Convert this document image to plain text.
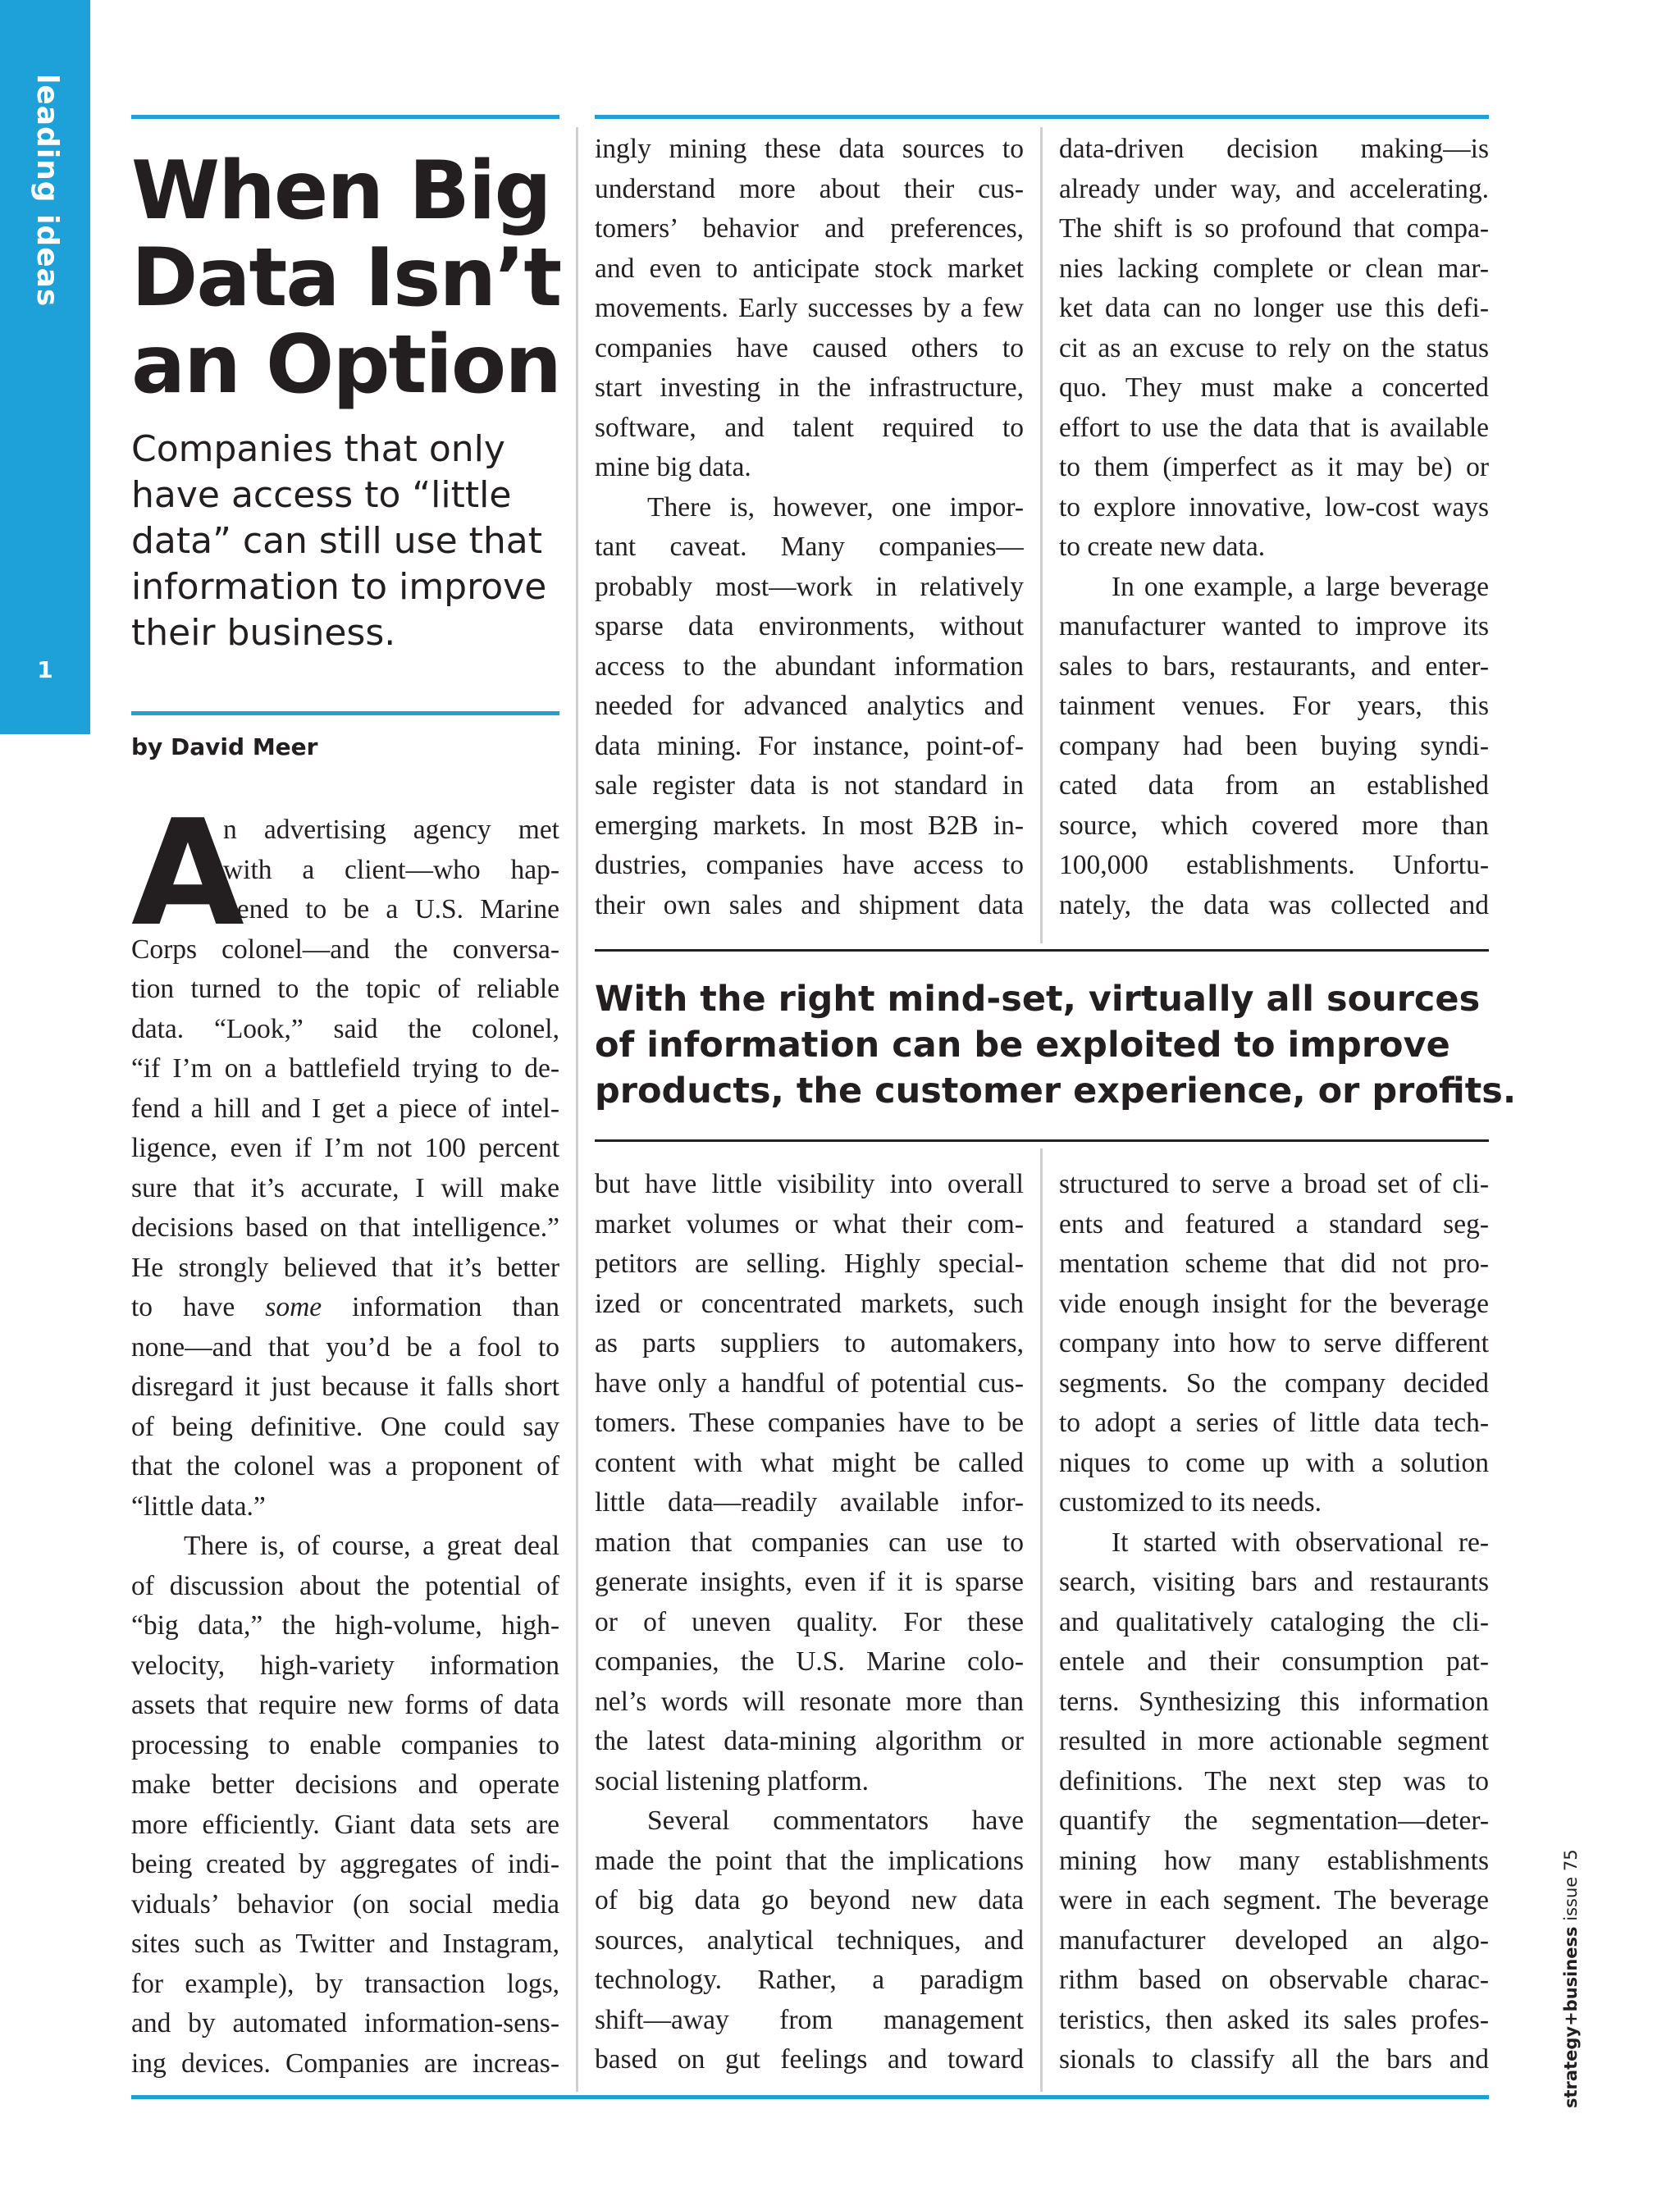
leading ideas
1
When Big
Data Isn’t
an Option

Companies that only
have access to “little
data” can still use that
information to improve
their business.

by David Meer

A

n advertising agency met
with a client—who hap-
pened to be a U.S. Marine
Corps colonel—and the conversa-
tion turned to the topic of reliable
data. “Look,” said the colonel,
“if I’m on a battlefield trying to de-
fend a hill and I get a piece of intel-
ligence, even if I’m not 100 percent
sure that it’s accurate, I will make
decisions based on that intelligence.”
He strongly believed that it’s better
to have some information than
none—and that you’d be a fool to
disregard it just because it falls short
of being definitive. One could say
that the colonel was a proponent of
“little data.”

There is, of course, a great deal
of discussion about the potential of
“big data,” the high-volume, high-
velocity, high-variety information
assets that require new forms of data
processing to enable companies to
make better decisions and operate
more efficiently. Giant data sets are
being created by aggregates of indi-
viduals’ behavior (on social media
sites such as Twitter and Instagram,
for example), by transaction logs,
and by automated information-sens-
ing devices. Companies are increas-

ingly mining these data sources to
understand more about their cus-
tomers’ behavior and preferences,
and even to anticipate stock market
movements. Early successes by a few
companies have caused others to
start investing in the infrastructure,
software, and talent required to
mine big data.

There is, however, one impor-
tant caveat. Many companies—
probably most—work in relatively
sparse data environments, without
access to the abundant information
needed for advanced analytics and
data mining. For instance, point-of-
sale register data is not standard in
emerging markets. In most B2B in-
dustries, companies have access to
their own sales and shipment data

data-driven decision making—is
already under way, and accelerating.
The shift is so profound that compa-
nies lacking complete or clean mar-
ket data can no longer use this defi-
cit as an excuse to rely on the status
quo. They must make a concerted
effort to use the data that is available
to them (imperfect as it may be) or
to explore innovative, low-cost ways
to create new data.

In one example, a large beverage
manufacturer wanted to improve its
sales to bars, restaurants, and enter-
tainment venues. For years, this
company had been buying syndi-
cated data from an established
source, which covered more than
100,000 establishments. Unfortu-
nately, the data was collected and

With the right mind-set, virtually all sources
of information can be exploited to improve
products, the customer experience, or profits.

but have little visibility into overall
market volumes or what their com-
petitors are selling. Highly special-
ized or concentrated markets, such
as parts suppliers to automakers,
have only a handful of potential cus-
tomers. These companies have to be
content with what might be called
little data—readily available infor-
mation that companies can use to
generate insights, even if it is sparse
or of uneven quality. For these
companies, the U.S. Marine colo-
nel’s words will resonate more than
the latest data-mining algorithm or
social listening platform.

Several commentators have
made the point that the implications
of big data go beyond new data
sources, analytical techniques, and
technology. Rather, a paradigm
shift—away from management
based on gut feelings and toward

structured to serve a broad set of cli-
ents and featured a standard seg-
mentation scheme that did not pro-
vide enough insight for the beverage
company into how to serve different
segments. So the company decided
to adopt a series of little data tech-
niques to come up with a solution
customized to its needs.

It started with observational re-
search, visiting bars and restaurants
and qualitatively cataloging the cli-
entele and their consumption pat-
terns. Synthesizing this information
resulted in more actionable segment
definitions. The next step was to
quantify the segmentation—deter-
mining how many establishments
were in each segment. The beverage
manufacturer developed an algo-
rithm based on observable charac-
teristics, then asked its sales profes-
sionals to classify all the bars and	strategy+business issue 75
